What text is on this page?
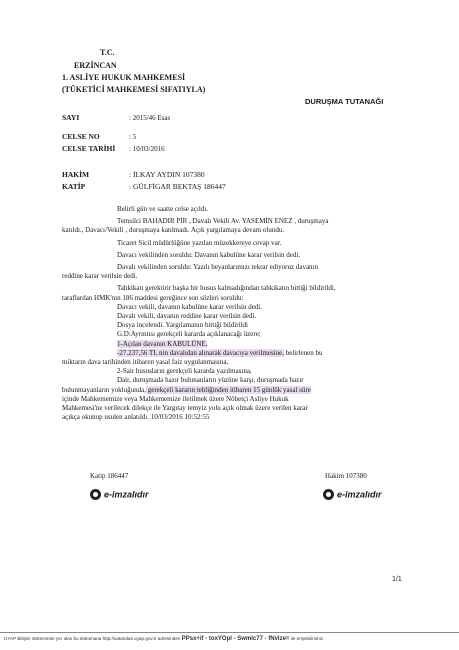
T.C.
ERZİNCAN
1. ASLİYE HUKUK MAHKEMESİ
(TÜKETİCİ MAHKEMESİ SIFATIYLA)
DURUŞMA TUTANAĞI
SAYI	: 2015/46 Esas
CELSE NO	: 5
CELSE TARİHİ : 10/03/2016
HAKİM	: İLKAY AYDIN 107380
KATİP	: GÜLFİGAR BEKTAŞ 186447

Belirli gün ve saatte celse açıldı.

Temsilci BAHADIR PİR , Davalı Vekili Av. YASEMİN ENEZ , duruşmaya
katıldı., Davacı/Vekili , duruşmaya katılmadı. Açık yargılamaya devam olundu.

Ticaret Sicil müdürlüğüne yazılan müzekkereye cevap var.

Davacı vekilinden soruldu: Davanın kabulüne karar verilsin dedi.

Davalı vekilinden soruldu: Yazılı beyanlarımızı tekrar ediyoruz davanın
reddine karar verilsin dedi.

Tahkikatı gerektirir başka bir husus kalmadığından tahkikatın bittiği bildirildi,
taraflardan HMK'nın 186 maddesi gereğince son sözleri soruldu:

Davacı vekili, davanın kabulüne karar verilsin dedi.

Davalı vekili, davanın reddine karar verilsin dedi.

Dosya incelendi. Yargılamanın bittiği bildirildi

G.D:Ayrıntısı gerekçeli kararda açıklanacağı üzere;

1-Açılan davanın KABULÜNE,

-27.237,56 TL nin davalıdan alınarak davacıya verilmesine, belirlenen bu

miktarın dava tarihinden itibaren yasal faiz uygulanmasına,

2-Sair hususların gerekçeli kararda yazılmasına,

Dair, duruşmada hazır bulunanların yüzüne karşı, duruşmada hazır

bulunmayanların yokluğunda, gerekçeli kararın tebliğinden itibaren 15 günlük yasal süre

içinde Mahkememize veya Mahkememize iletilmek üzere Nöbetçi Asliye Hukuk

Mahkemesi'ne verilecek dilekçe ile Yargıtay temyiz yolu açık olmak üzere verilen karar

açıkça okunup usulen anlatıldı. 10/03/2016 10:52:55

Katip 186447
e-imzalıdır
Hakim 107380
e-imzalıdır
1/1
UYAP Bilişim Sisteminde yer alan bu dokümana http://vatandas.uyap.gov.tr adresinden PPsx+if - toxYOpl - Swmlc77 - fNvlze= ile erişebilirsiniz.
